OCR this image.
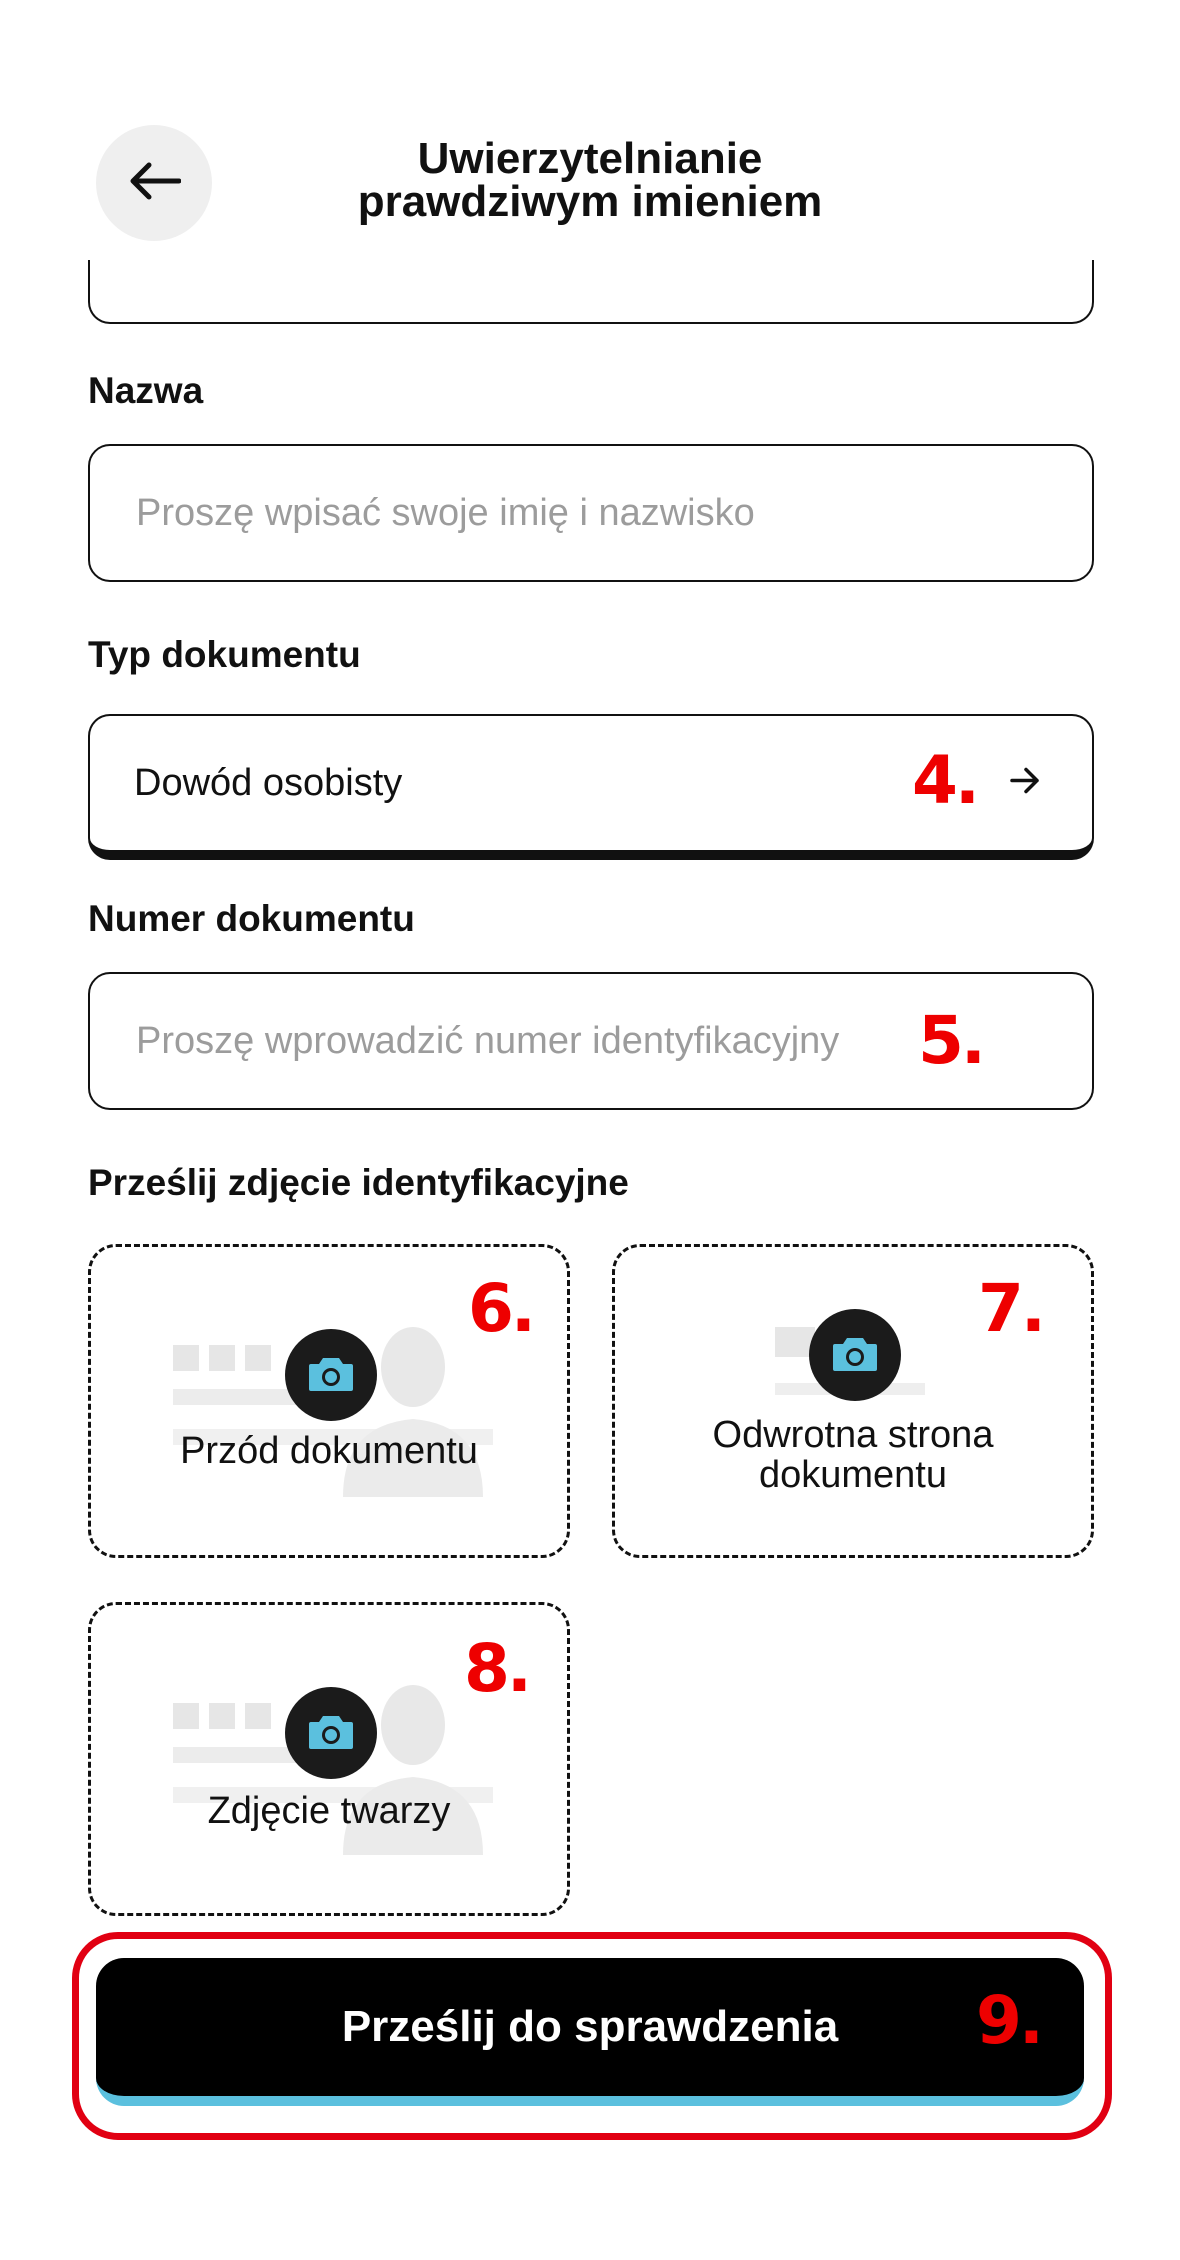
Uwierzytelnianie
prawdziwym imieniem
Nazwa
Proszę wpisać swoje imię i nazwisko
Typ dokumentu
Dowód osobisty	4.
Numer dokumentu
Proszę wprowadzić numer identyfikacyjny 5.
Prześlij zdjęcie identyfikacyjne
Przód dokumentu
6.
Odwrotna strona
dokumentu
7.
Zdjęcie twarzy
8.
Prześlij do sprawdzenia 9.
